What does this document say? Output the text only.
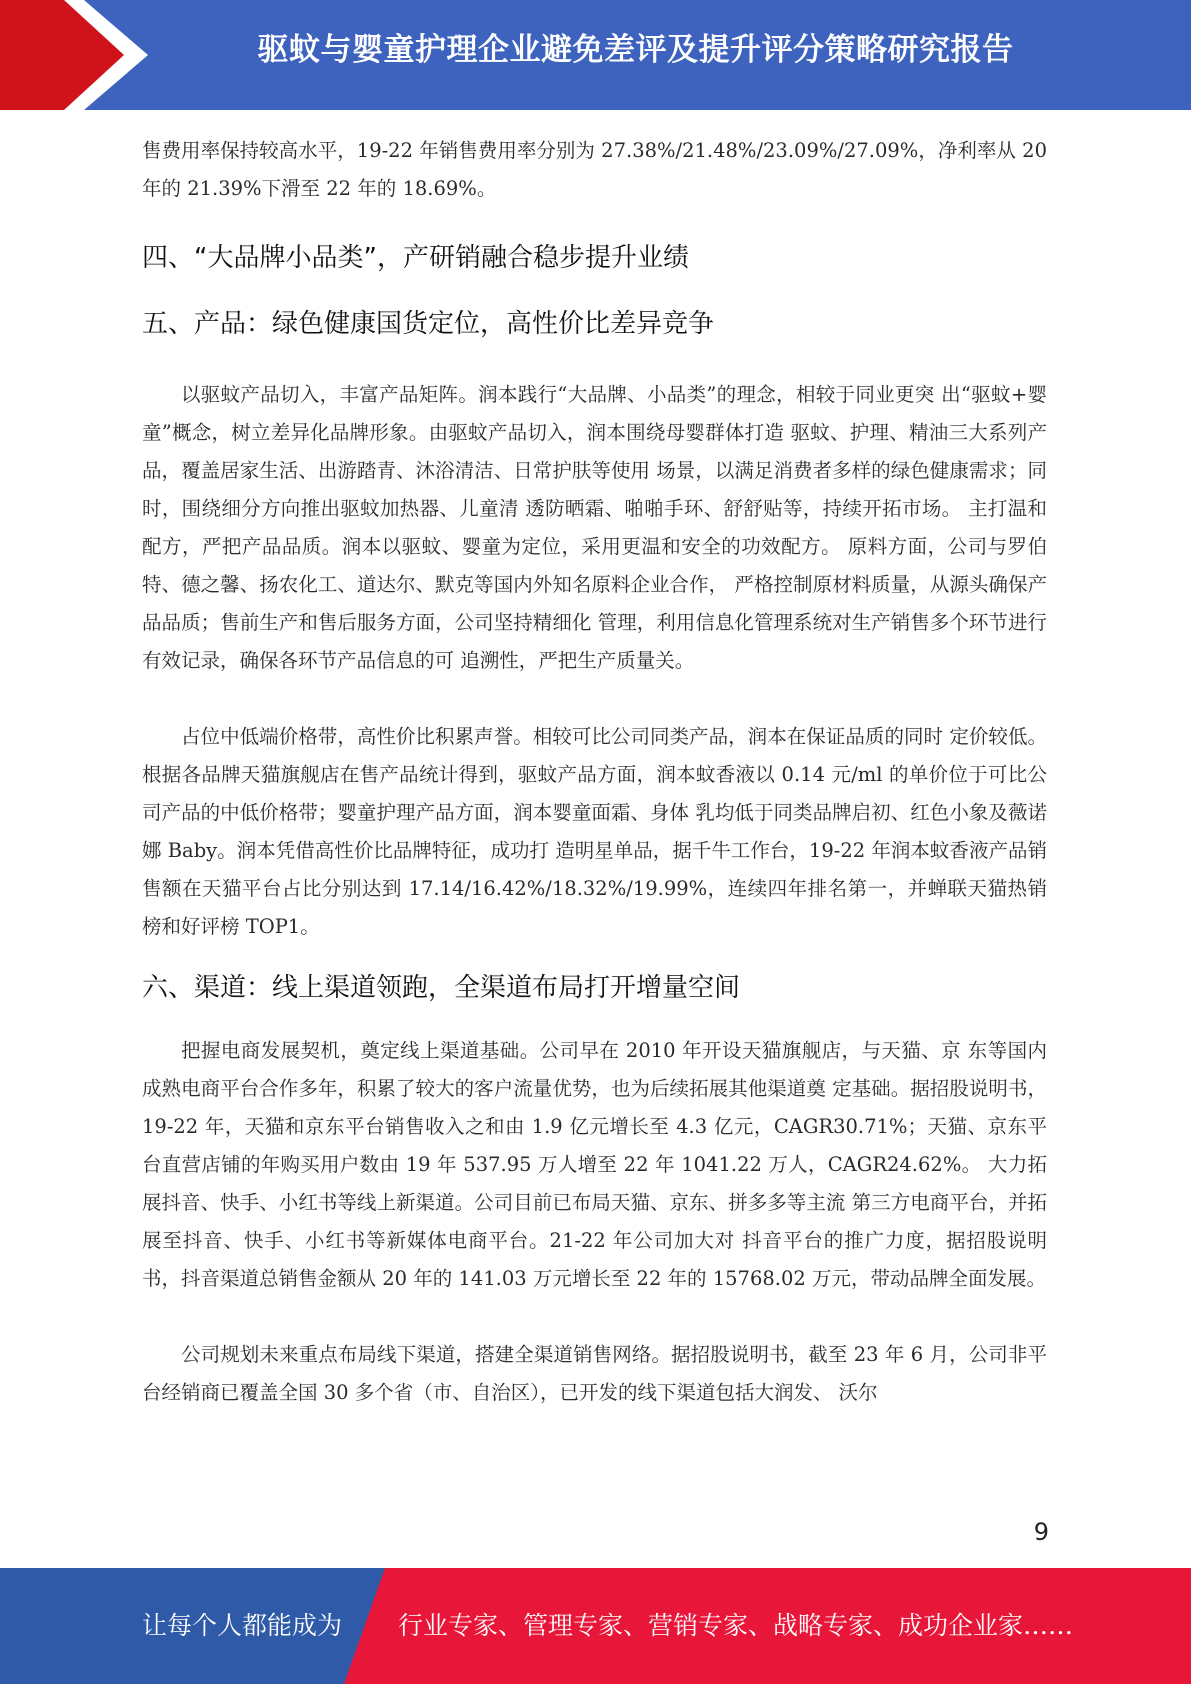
驱蚊与婴童护理企业避免差评及提升评分策略研究报告

售费用率保持较高水平，19-22 年销售费用率分别为 27.38%/21.48%/23.09%/27.09%，净利率从 20 年的 21.39%下滑至 22 年的 18.69%。

四、“大品牌小品类”，产研销融合稳步提升业绩
五、产品：绿色健康国货定位，高性价比差异竞争

以驱蚊产品切入，丰富产品矩阵。润本践行“大品牌、小品类”的理念，相较于同业更突 出“驱蚊+婴童”概念，树立差异化品牌形象。由驱蚊产品切入，润本围绕母婴群体打造 驱蚊、护理、精油三大系列产品，覆盖居家生活、出游踏青、沐浴清洁、日常护肤等使用 场景，以满足消费者多样的绿色健康需求；同时，围绕细分方向推出驱蚊加热器、儿童清 透防晒霜、啪啪手环、舒舒贴等，持续开拓市场。 主打温和配方，严把产品品质。润本以驱蚊、婴童为定位，采用更温和安全的功效配方。 原料方面，公司与罗伯特、德之馨、扬农化工、道达尔、默克等国内外知名原料企业合作， 严格控制原材料质量，从源头确保产品品质；售前生产和售后服务方面，公司坚持精细化 管理，利用信息化管理系统对生产销售多个环节进行有效记录，确保各环节产品信息的可 追溯性，严把生产质量关。

占位中低端价格带，高性价比积累声誉。相较可比公司同类产品，润本在保证品质的同时 定价较低。根据各品牌天猫旗舰店在售产品统计得到，驱蚊产品方面，润本蚊香液以 0.14 元/ml 的单价位于可比公司产品的中低价格带；婴童护理产品方面，润本婴童面霜、身体 乳均低于同类品牌启初、红色小象及薇诺娜 Baby。润本凭借高性价比品牌特征，成功打 造明星单品，据千牛工作台，19-22 年润本蚊香液产品销售额在天猫平台占比分别达到 17.14/16.42%/18.32%/19.99%，连续四年排名第一，并蝉联天猫热销榜和好评榜 TOP1。

六、渠道：线上渠道领跑，全渠道布局打开增量空间

把握电商发展契机，奠定线上渠道基础。公司早在 2010 年开设天猫旗舰店，与天猫、京 东等国内成熟电商平台合作多年，积累了较大的客户流量优势，也为后续拓展其他渠道奠 定基础。据招股说明书，19-22 年，天猫和京东平台销售收入之和由 1.9 亿元增长至 4.3 亿元，CAGR30.71%；天猫、京东平台直营店铺的年购买用户数由 19 年 537.95 万人增至 22 年 1041.22 万人，CAGR24.62%。 大力拓展抖音、快手、小红书等线上新渠道。公司目前已布局天猫、京东、拼多多等主流 第三方电商平台，并拓展至抖音、快手、小红书等新媒体电商平台。21-22 年公司加大对 抖音平台的推广力度，据招股说明书，抖音渠道总销售金额从 20 年的 141.03 万元增长至 22 年的 15768.02 万元，带动品牌全面发展。

公司规划未来重点布局线下渠道，搭建全渠道销售网络。据招股说明书，截至 23 年 6 月，公司非平台经销商已覆盖全国 30 多个省（市、自治区），已开发的线下渠道包括大润发、 沃尔

9
让每个人都能成为 行业专家、管理专家、营销专家、战略专家、成功企业家……
